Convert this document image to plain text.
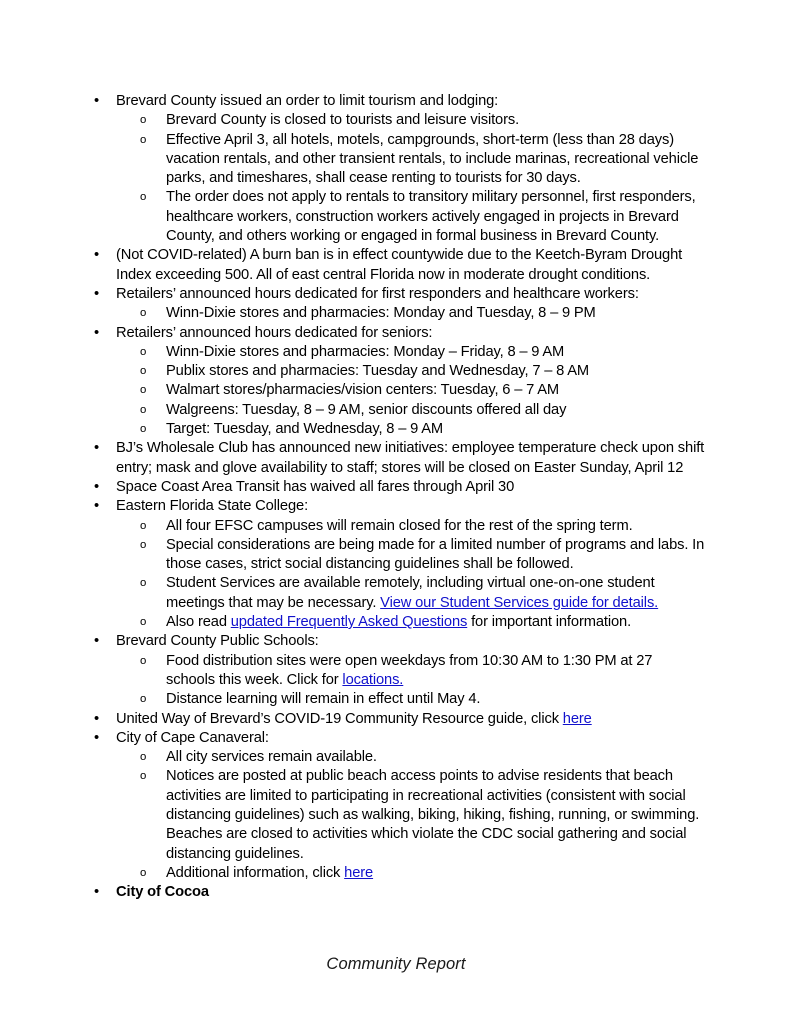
•	Brevard County issued an order to limit tourism and lodging:
o	Brevard County is closed to tourists and leisure visitors.
o	Effective April 3, all hotels, motels, campgrounds, short-term (less than 28 days) vacation rentals, and other transient rentals, to include marinas, recreational vehicle parks, and timeshares, shall cease renting to tourists for 30 days.
o	The order does not apply to rentals to transitory military personnel, first responders, healthcare workers, construction workers actively engaged in projects in Brevard County, and others working or engaged in formal business in Brevard County.
•	(Not COVID-related) A burn ban is in effect countywide due to the Keetch-Byram Drought Index exceeding 500. All of east central Florida now in moderate drought conditions.
•	Retailers’ announced hours dedicated for first responders and healthcare workers:
o	Winn-Dixie stores and pharmacies: Monday and Tuesday, 8 – 9 PM
•	Retailers’ announced hours dedicated for seniors:
o	Winn-Dixie stores and pharmacies: Monday – Friday, 8 – 9 AM
o	Publix stores and pharmacies: Tuesday and Wednesday, 7 – 8 AM
o	Walmart stores/pharmacies/vision centers: Tuesday, 6 – 7 AM
o	Walgreens: Tuesday, 8 – 9 AM, senior discounts offered all day
o	Target: Tuesday, and Wednesday, 8 – 9 AM
•	BJ’s Wholesale Club has announced new initiatives: employee temperature check upon shift entry; mask and glove availability to staff; stores will be closed on Easter Sunday, April 12
•	Space Coast Area Transit has waived all fares through April 30
•	Eastern Florida State College:
o	All four EFSC campuses will remain closed for the rest of the spring term.
o	Special considerations are being made for a limited number of programs and labs. In those cases, strict social distancing guidelines shall be followed.
o	Student Services are available remotely, including virtual one-on-one student meetings that may be necessary. View our Student Services guide for details.
o	Also read updated Frequently Asked Questions for important information.
•	Brevard County Public Schools:
o	Food distribution sites were open weekdays from 10:30 AM to 1:30 PM at 27 schools this week. Click for locations.
o	Distance learning will remain in effect until May 4.
•	United Way of Brevard’s COVID-19 Community Resource guide, click here
•	City of Cape Canaveral:
o	All city services remain available.
o	Notices are posted at public beach access points to advise residents that beach activities are limited to participating in recreational activities (consistent with social distancing guidelines) such as walking, biking, hiking, fishing, running, or swimming. Beaches are closed to activities which violate the CDC social gathering and social distancing guidelines.
o	Additional information, click here
•	City of Cocoa
Community Report
